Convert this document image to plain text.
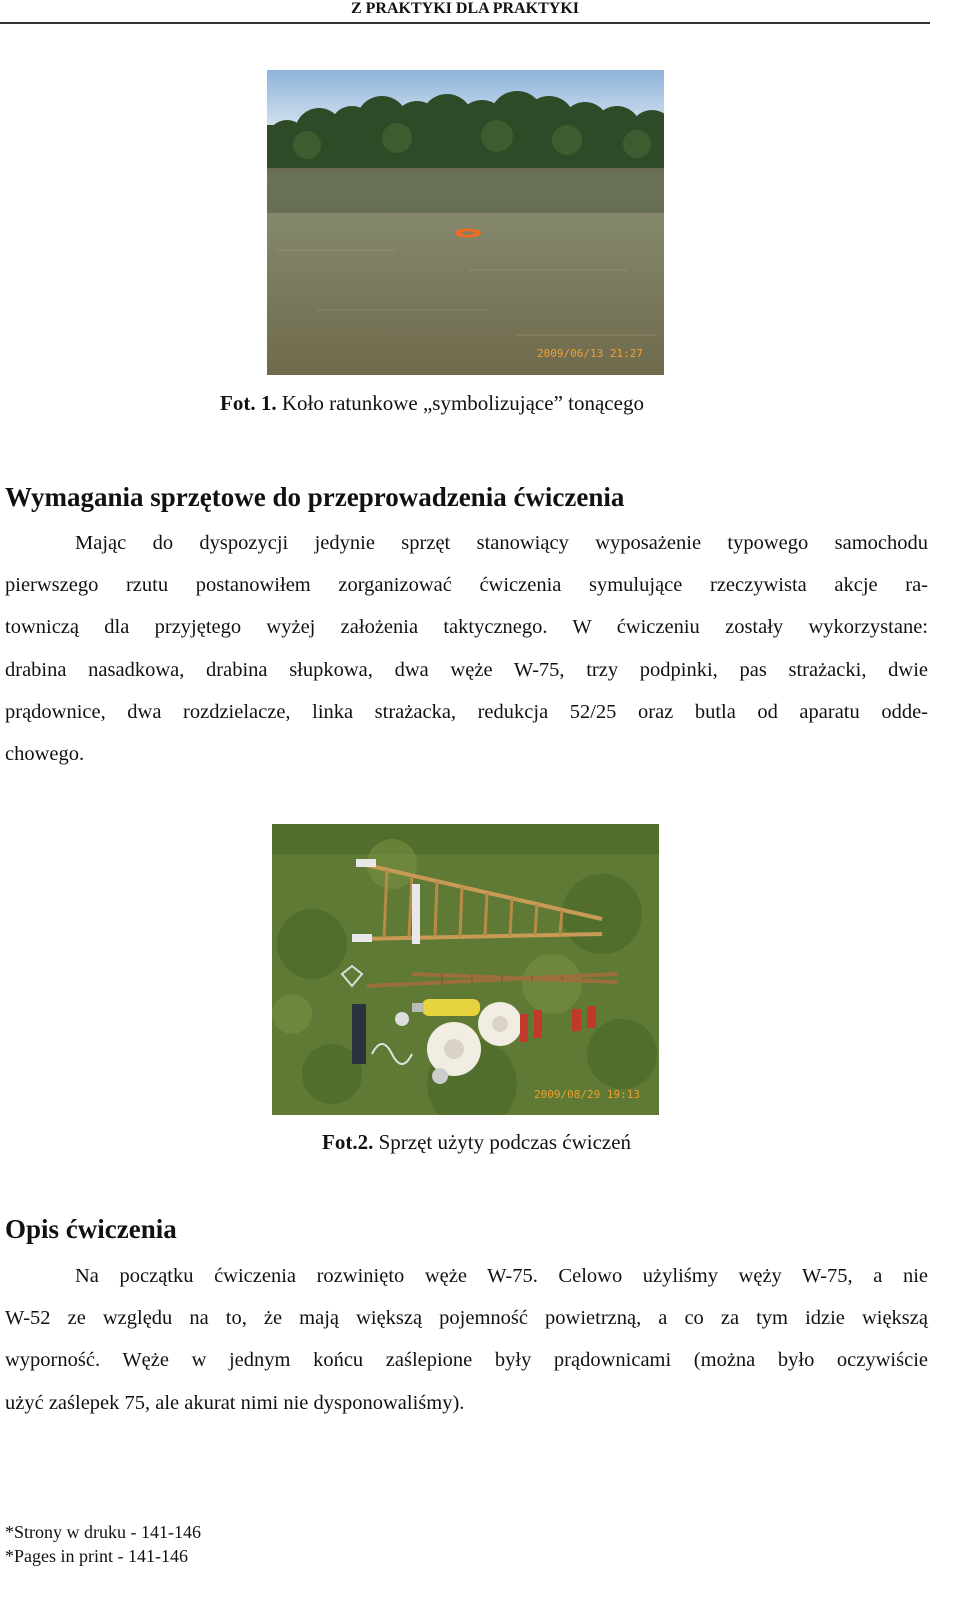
Z PRAKTYKI DLA PRAKTYKI
2009/06/13 21:27
Fot. 1. Koło ratunkowe „symbolizujące” tonącego
Wymagania sprzętowe do przeprowadzenia ćwiczenia
Mając do dyspozycji jedynie sprzęt stanowiący wyposażenie typowego samochodu
pierwszego rzutu postanowiłem zorganizować ćwiczenia symulujące rzeczywista akcje ra-
towniczą dla przyjętego wyżej założenia taktycznego. W ćwiczeniu zostały wykorzystane:
drabina nasadkowa, drabina słupkowa, dwa węże W-75, trzy podpinki, pas strażacki, dwie
prądownice, dwa rozdzielacze, linka strażacka, redukcja 52/25 oraz butla od aparatu odde-
chowego.
2009/08/29 19:13
Fot.2. Sprzęt użyty podczas ćwiczeń
Opis ćwiczenia
Na początku ćwiczenia rozwinięto węże W-75. Celowo użyliśmy węży W-75, a nie
W-52 ze względu na to, że mają większą pojemność powietrzną, a co za tym idzie większą
wyporność. Węże w jednym końcu zaślepione były prądownicami (można było oczywiście
użyć zaślepek 75, ale akurat nimi nie dysponowaliśmy).
*Strony w druku - 141-146
*Pages in print - 141-146
